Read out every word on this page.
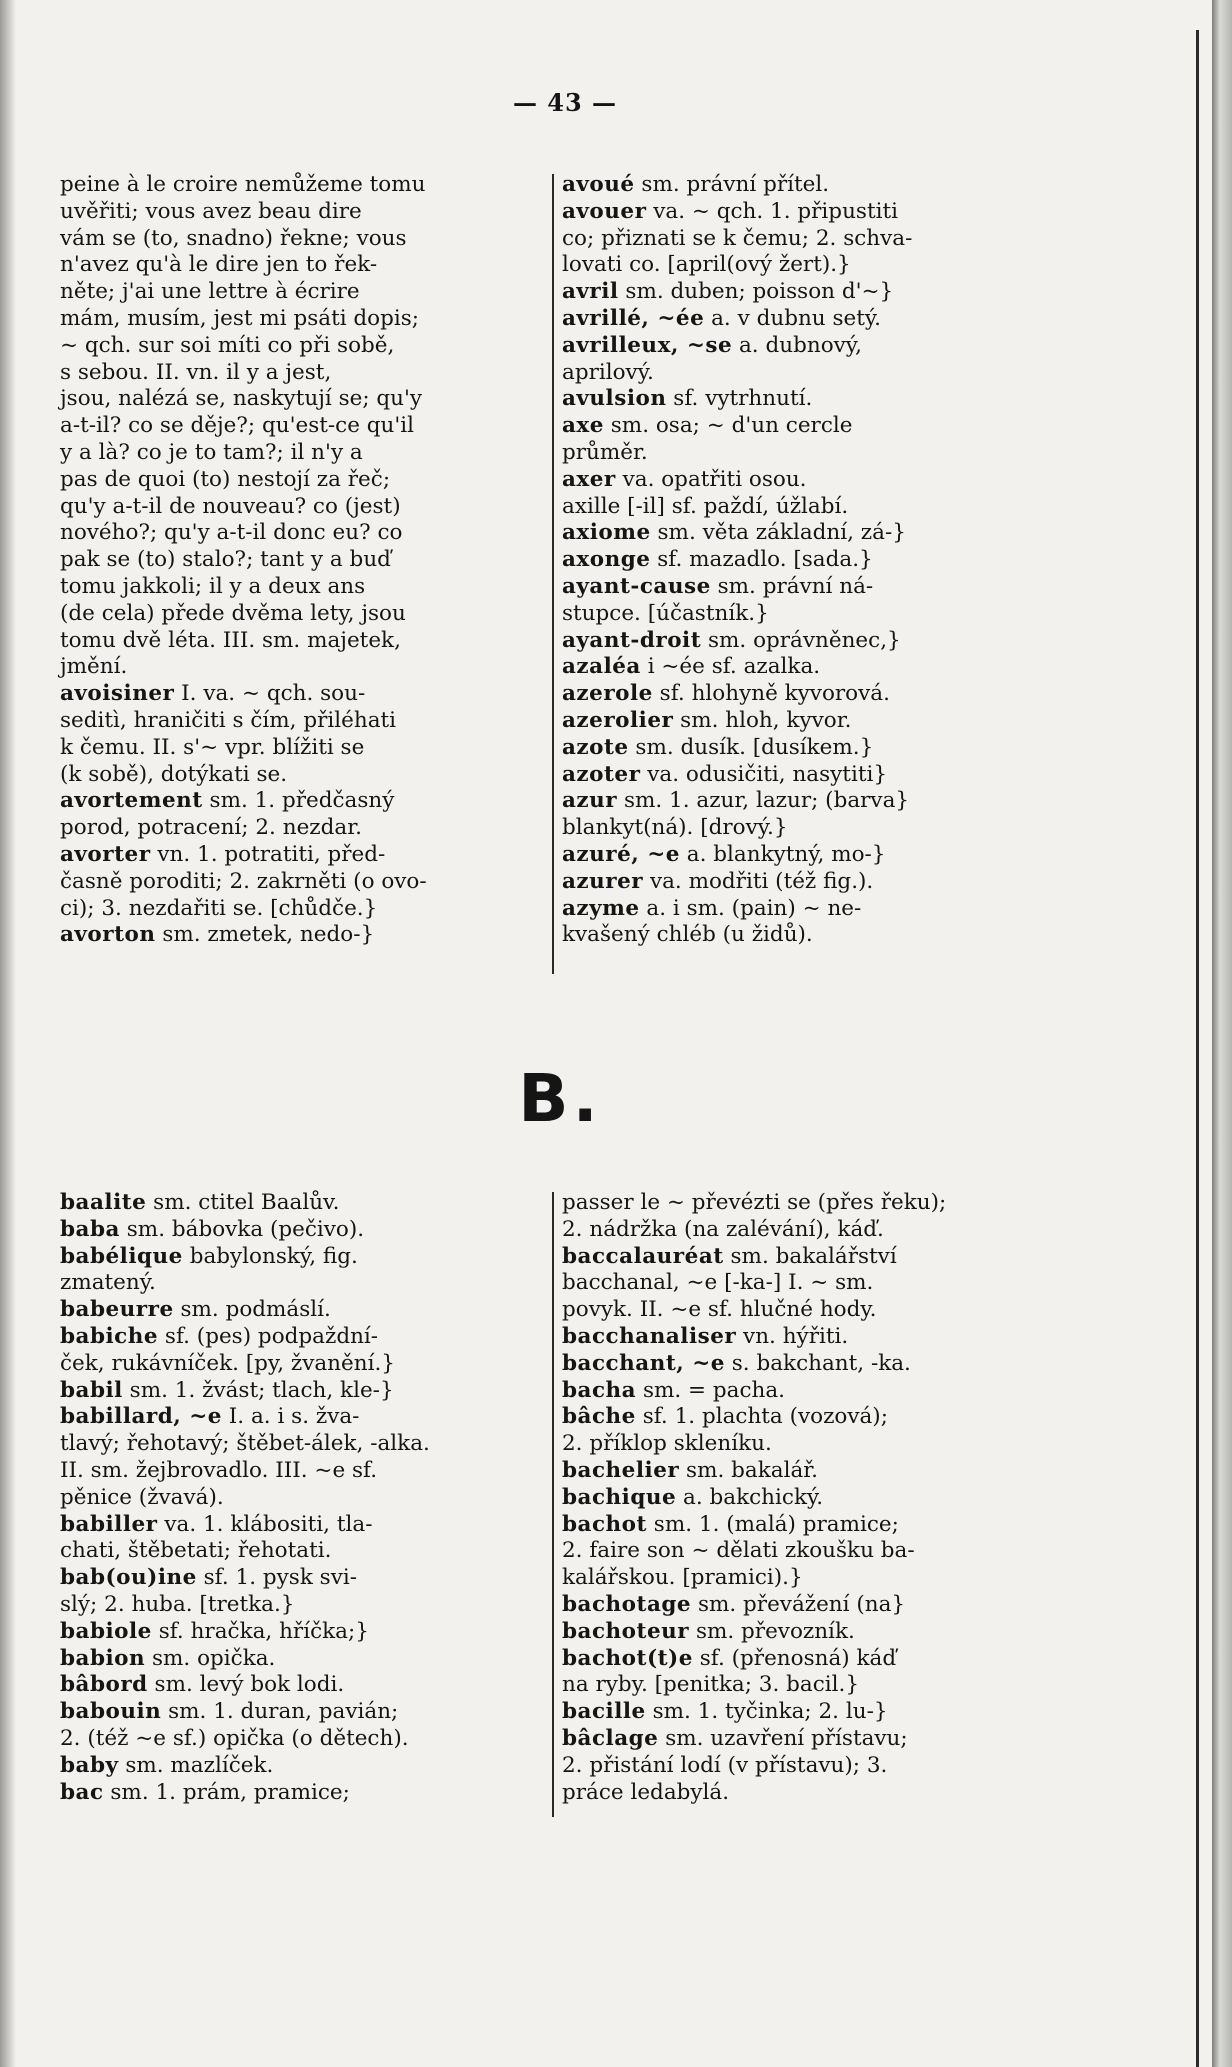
— 43 —
peine à le croire nemůžeme tomu
uvěřiti; vous avez beau dire
vám se (to, snadno) řekne; vous
n'avez qu'à le dire jen to řek-
něte; j'ai une lettre à écrire
mám, musím, jest mi psáti dopis;
~ qch. sur soi míti co při sobě,
s sebou. II. vn. il y a jest,
jsou, nalézá se, naskytují se; qu'y
a-t-il? co se děje?; qu'est-ce qu'il
y a là? co je to tam?; il n'y a
pas de quoi (to) nestojí za řeč;
qu'y a-t-il de nouveau? co (jest)
nového?; qu'y a-t-il donc eu? co
pak se (to) stalo?; tant y a buď
tomu jakkoli; il y a deux ans
(de cela) přede dvěma lety, jsou
tomu dvě léta. III. sm. majetek,
jmění.
avoisiner I. va. ~ qch. sou-
seditì, hraničiti s čím, přiléhati
k čemu. II. s'~ vpr. blížiti se
(k sobě), dotýkati se.
avortement sm. 1. předčasný
porod, potracení; 2. nezdar.
avorter vn. 1. potratiti, před-
časně poroditi; 2. zakrněti (o ovo-
ci); 3. nezdařiti se. [chůdče.}
avorton sm. zmetek, nedo-}
avoué sm. právní přítel.
avouer va. ~ qch. 1. připustiti
co; přiznati se k čemu; 2. schva-
lovati co. [april(ový žert).}
avril sm. duben; poisson d'~}
avrillé, ~ée a. v dubnu setý.
avrilleux, ~se a. dubnový,
aprilový.
avulsion sf. vytrhnutí.
axe sm. osa; ~ d'un cercle
průměr.
axer va. opatřiti osou.
axille [-il] sf. paždí, úžlabí.
axiome sm. věta základní, zá-}
axonge sf. mazadlo. [sada.}
ayant-cause sm. právní ná-
stupce. [účastník.}
ayant-droit sm. oprávněnec,}
azaléa i ~ée sf. azalka.
azerole sf. hlohyně kyvorová.
azerolier sm. hloh, kyvor.
azote sm. dusík. [dusíkem.}
azoter va. odusičiti, nasytiti}
azur sm. 1. azur, lazur; (barva}
blankyt(ná). [drový.}
azuré, ~e a. blankytný, mo-}
azurer va. modřiti (též fig.).
azyme a. i sm. (pain) ~ ne-
kvašený chléb (u židů).
B.
baalite sm. ctitel Baalův.
baba sm. bábovka (pečivo).
babélique babylonský, fig.
zmatený.
babeurre sm. podmáslí.
babiche sf. (pes) podpaždní-
ček, rukávníček. [py, žvanění.}
babil sm. 1. žvást; tlach, kle-}
babillard, ~e I. a. i s. žva-
tlavý; řehotavý; štěbet-álek, -alka.
II. sm. žejbrovadlo. III. ~e sf.
pěnice (žvavá).
babiller va. 1. klábositi, tla-
chati, štěbetati; řehotati.
bab(ou)ine sf. 1. pysk svi-
slý; 2. huba. [tretka.}
babiole sf. hračka, hříčka;}
babion sm. opička.
bâbord sm. levý bok lodi.
babouin sm. 1. duran, pavián;
2. (též ~e sf.) opička (o dětech).
baby sm. mazlíček.
bac sm. 1. prám, pramice;
passer le ~ převézti se (přes řeku);
2. nádržka (na zalévání), káď.
baccalauréat sm. bakalářství
bacchanal, ~e [-ka-] I. ~ sm.
povyk. II. ~e sf. hlučné hody.
bacchanaliser vn. hýřiti.
bacchant, ~e s. bakchant, -ka.
bacha sm. = pacha.
bâche sf. 1. plachta (vozová);
2. příklop skleníku.
bachelier sm. bakalář.
bachique a. bakchický.
bachot sm. 1. (malá) pramice;
2. faire son ~ dělati zkoušku ba-
kalářskou. [pramici).}
bachotage sm. převážení (na}
bachoteur sm. převozník.
bachot(t)e sf. (přenosná) káď
na ryby. [penitka; 3. bacil.}
bacille sm. 1. tyčinka; 2. lu-}
bâclage sm. uzavření přístavu;
2. přistání lodí (v přístavu); 3.
práce ledabylá.
